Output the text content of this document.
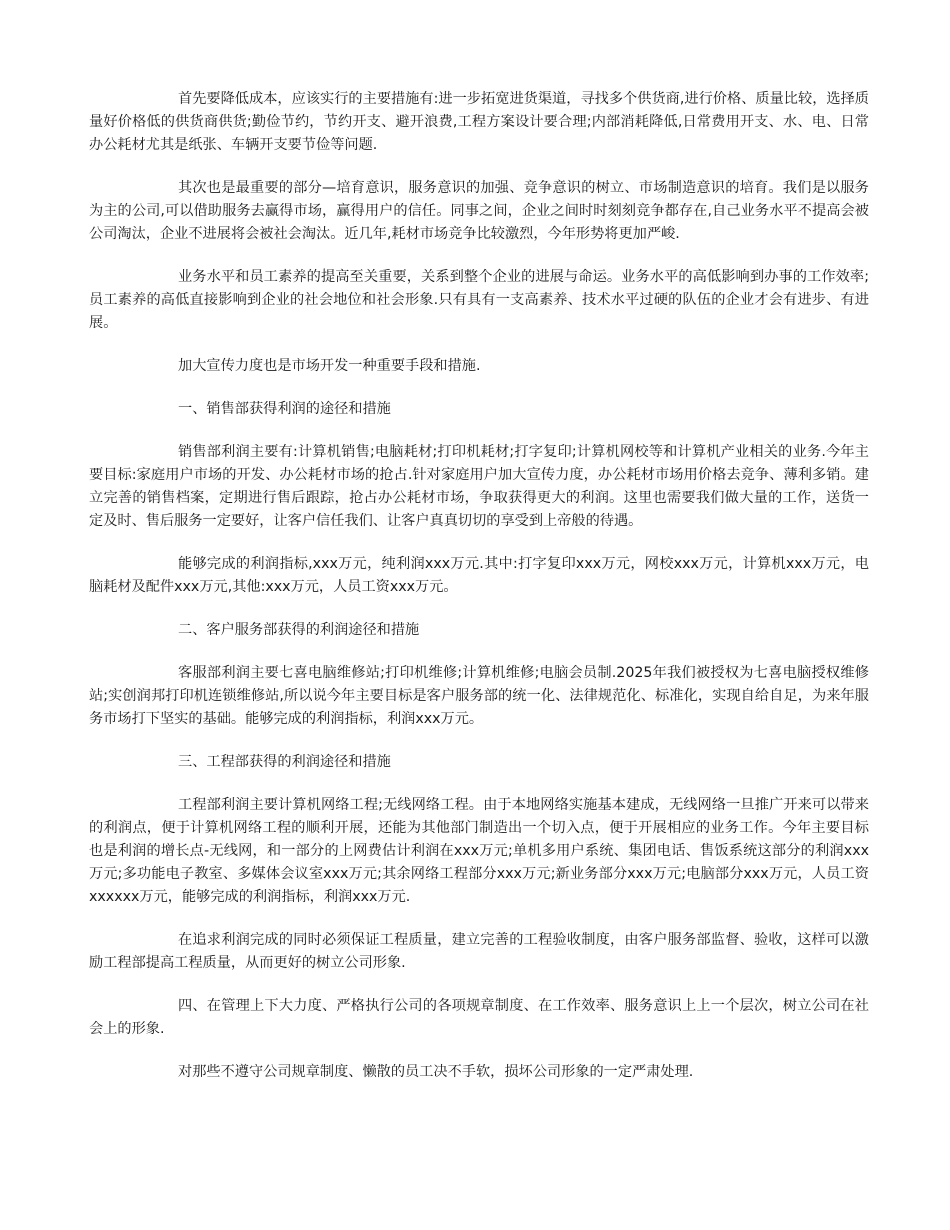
首先要降低成本，应该实行的主要措施有:进一步拓宽进货渠道，寻找多个供货商,进行价格、质量比较，选择质量好价格低的供货商供货;勤俭节约，节约开支、避开浪费,工程方案设计要合理;内部消耗降低,日常费用开支、水、电、日常办公耗材尤其是纸张、车辆开支要节俭等问题.

其次也是最重要的部分—培育意识，服务意识的加强、竞争意识的树立、市场制造意识的培育。我们是以服务为主的公司,可以借助服务去赢得市场，赢得用户的信任。同事之间，企业之间时时刻刻竞争都存在,自己业务水平不提高会被公司淘汰，企业不进展将会被社会淘汰。近几年,耗材市场竞争比较激烈，今年形势将更加严峻.

业务水平和员工素养的提高至关重要，关系到整个企业的进展与命运。业务水平的高低影响到办事的工作效率;员工素养的高低直接影响到企业的社会地位和社会形象.只有具有一支高素养、技术水平过硬的队伍的企业才会有进步、有进展。

加大宣传力度也是市场开发一种重要手段和措施.

一、销售部获得利润的途径和措施

销售部利润主要有:计算机销售;电脑耗材;打印机耗材;打字复印;计算机网校等和计算机产业相关的业务.今年主要目标:家庭用户市场的开发、办公耗材市场的抢占.针对家庭用户加大宣传力度，办公耗材市场用价格去竞争、薄利多销。建立完善的销售档案，定期进行售后跟踪，抢占办公耗材市场，争取获得更大的利润。这里也需要我们做大量的工作，送货一定及时、售后服务一定要好，让客户信任我们、让客户真真切切的享受到上帝般的待遇。

能够完成的利润指标,xxx万元，纯利润xxx万元.其中:打字复印xxx万元，网校xxx万元，计算机xxx万元，电脑耗材及配件xxx万元,其他:xxx万元，人员工资xxx万元。

二、客户服务部获得的利润途径和措施

客服部利润主要七喜电脑维修站;打印机维修;计算机维修;电脑会员制.2025年我们被授权为七喜电脑授权维修站;实创润邦打印机连锁维修站,所以说今年主要目标是客户服务部的统一化、法律规范化、标准化，实现自给自足，为来年服务市场打下坚实的基础。能够完成的利润指标，利润xxx万元。

三、工程部获得的利润途径和措施

工程部利润主要计算机网络工程;无线网络工程。由于本地网络实施基本建成，无线网络一旦推广开来可以带来的利润点，便于计算机网络工程的顺利开展，还能为其他部门制造出一个切入点，便于开展相应的业务工作。今年主要目标也是利润的增长点-无线网，和一部分的上网费估计利润在xxx万元;单机多用户系统、集团电话、售饭系统这部分的利润xxx万元;多功能电子教室、多媒体会议室xxx万元;其余网络工程部分xxx万元;新业务部分xxx万元;电脑部分xxx万元，人员工资xxxxxx万元，能够完成的利润指标，利润xxx万元.

在追求利润完成的同时必须保证工程质量，建立完善的工程验收制度，由客户服务部监督、验收，这样可以激励工程部提高工程质量，从而更好的树立公司形象.

四、在管理上下大力度、严格执行公司的各项规章制度、在工作效率、服务意识上上一个层次，树立公司在社会上的形象.

对那些不遵守公司规章制度、懒散的员工决不手软，损坏公司形象的一定严肃处理.
